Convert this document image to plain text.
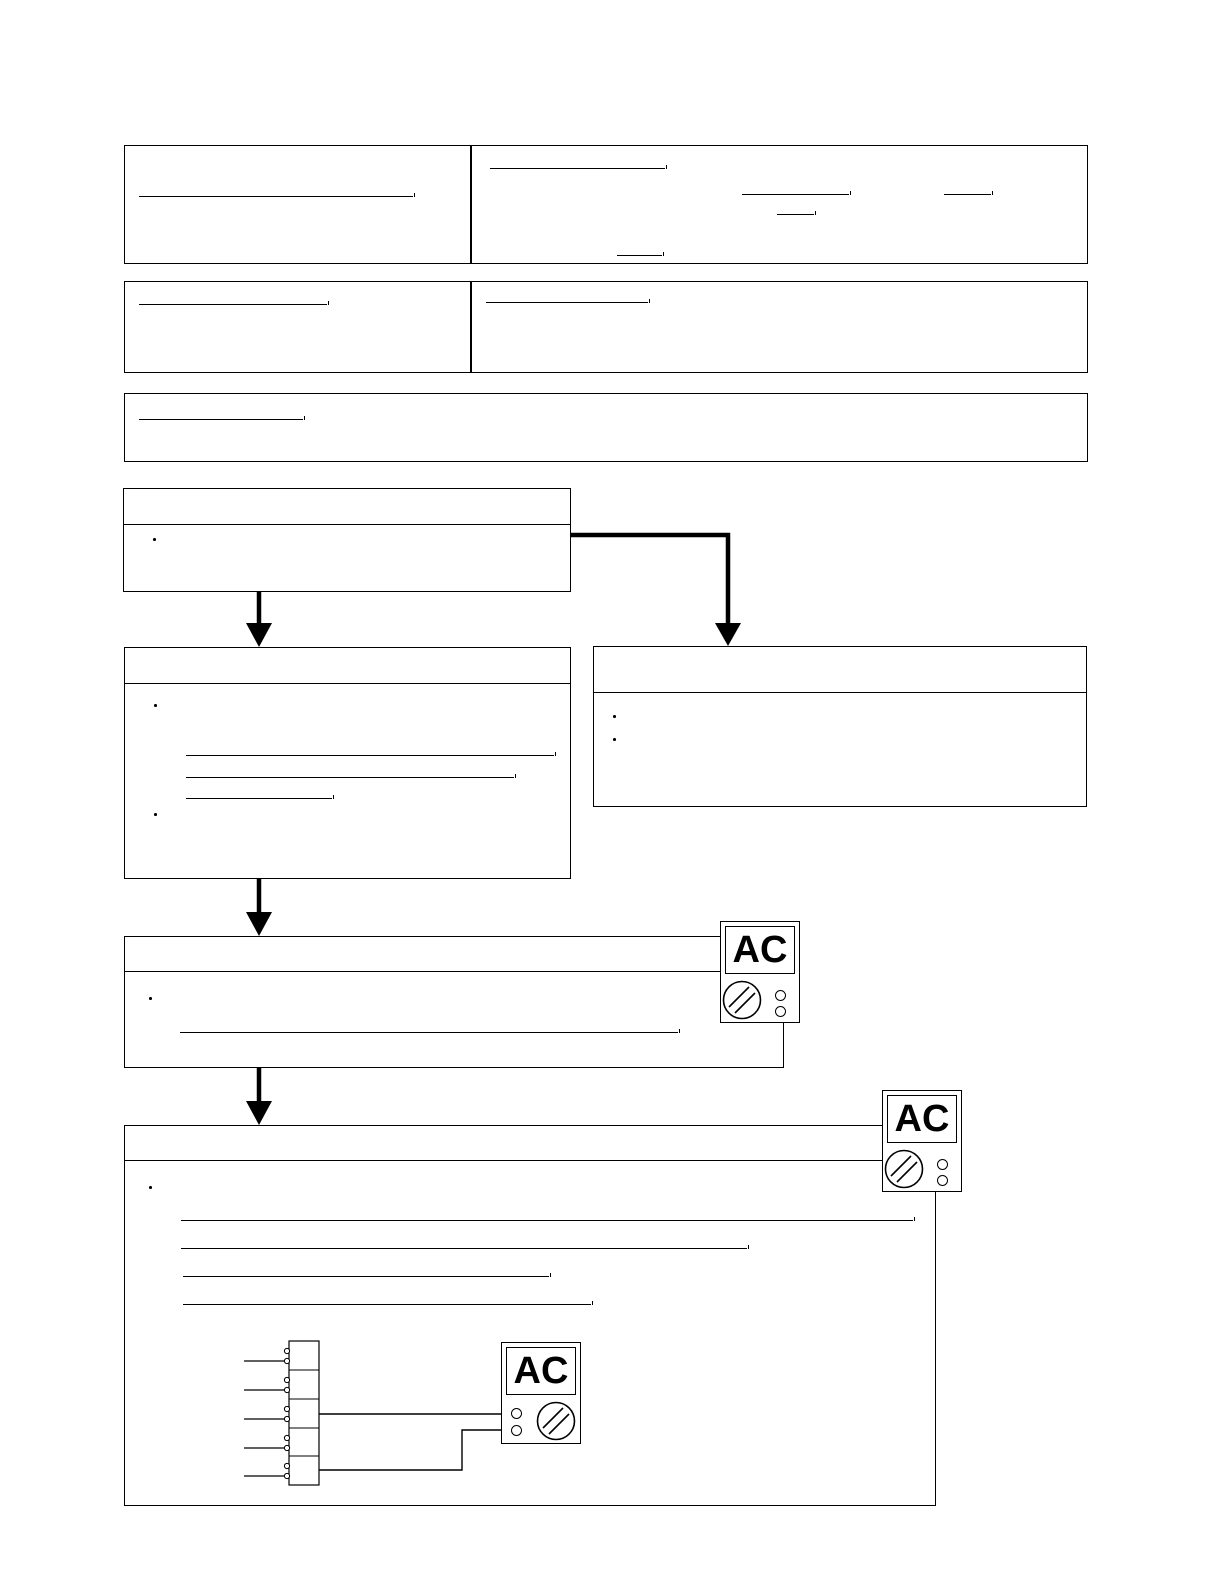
AC
AC
AC
